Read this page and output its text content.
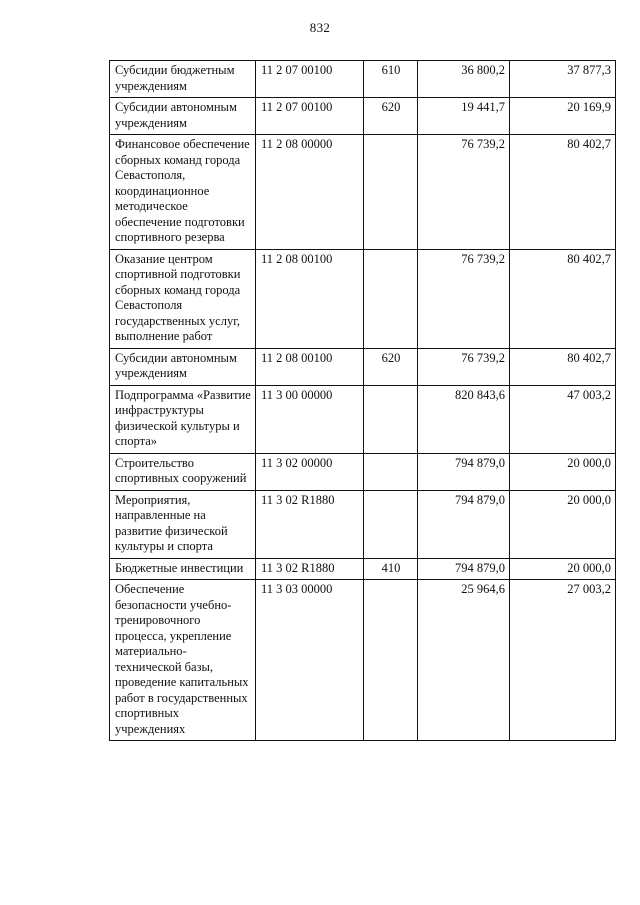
832
Субсидии бюджетным учреждениям	11 2 07 00100	610	36 800,2	37 877,3
Субсидии автономным учреждениям	11 2 07 00100	620	19 441,7	20 169,9
Финансовое обеспечение сборных команд города Севастополя, координационное методическое обеспечение подготовки спортивного резерва	11 2 08 00000		76 739,2	80 402,7
Оказание центром спортивной подготовки сборных команд города Севастополя государственных услуг, выполнение работ	11 2 08 00100		76 739,2	80 402,7
Субсидии автономным учреждениям	11 2 08 00100	620	76 739,2	80 402,7
Подпрограмма «Развитие инфраструктуры физической культуры и спорта»	11 3 00 00000		820 843,6	47 003,2
Строительство спортивных сооружений	11 3 02 00000		794 879,0	20 000,0
Мероприятия, направленные на развитие физической культуры и спорта	11 3 02 R1880		794 879,0	20 000,0
Бюджетные инвестиции	11 3 02 R1880	410	794 879,0	20 000,0
Обеспечение безопасности учебно-тренировочного процесса, укрепление материально-технической базы, проведение капитальных работ в государственных спортивных учреждениях	11 3 03 00000		25 964,6	27 003,2
